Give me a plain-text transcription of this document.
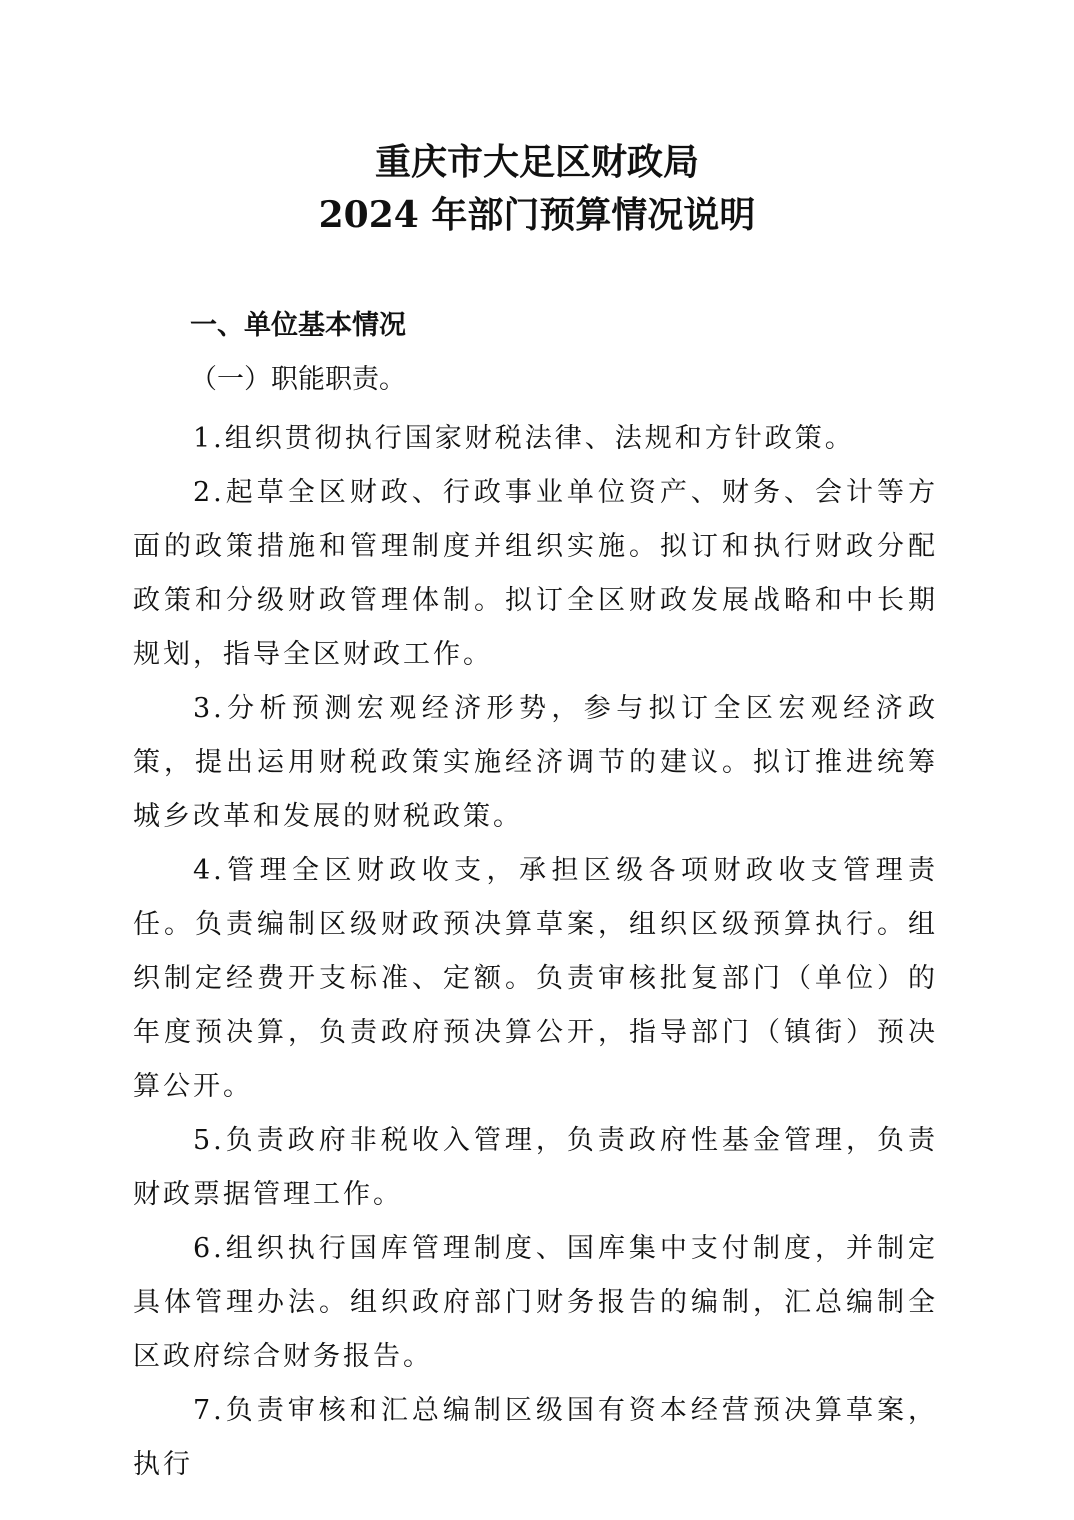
重庆市大足区财政局
2024 年部门预算情况说明
一、单位基本情况
（一）职能职责。

1.组织贯彻执行国家财税法律、法规和方针政策。

2.起草全区财政、行政事业单位资产、财务、会计等方面的政策措施和管理制度并组织实施。拟订和执行财政分配政策和分级财政管理体制。拟订全区财政发展战略和中长期规划，指导全区财政工作。

3.分析预测宏观经济形势，参与拟订全区宏观经济政策，提出运用财税政策实施经济调节的建议。拟订推进统筹城乡改革和发展的财税政策。

4.管理全区财政收支，承担区级各项财政收支管理责任。负责编制区级财政预决算草案，组织区级预算执行。组织制定经费开支标准、定额。负责审核批复部门（单位）的年度预决算，负责政府预决算公开，指导部门（镇街）预决算公开。

5.负责政府非税收入管理，负责政府性基金管理，负责财政票据管理工作。

6.组织执行国库管理制度、国库集中支付制度，并制定具体管理办法。组织政府部门财务报告的编制，汇总编制全区政府综合财务报告。

7.负责审核和汇总编制区级国有资本经营预决算草案，执行
